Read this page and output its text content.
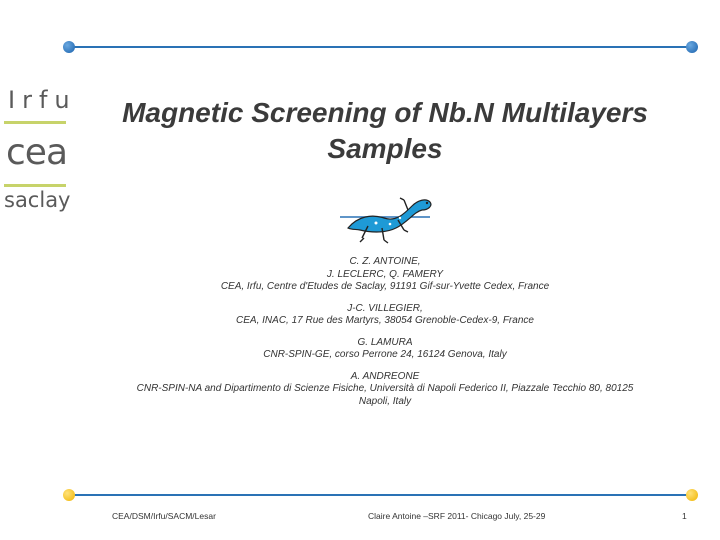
Irfu
cea
saclay
Magnetic Screening of Nb.N Multilayers
Samples

C. Z. ANTOINE,
J. LECLERC, Q. FAMERY
CEA, Irfu, Centre d'Etudes de Saclay, 91191 Gif-sur-Yvette Cedex, France

J-C. VILLEGIER,
CEA, INAC, 17 Rue des Martyrs, 38054 Grenoble-Cedex-9, France

G. LAMURA
CNR-SPIN-GE, corso Perrone 24, 16124 Genova, Italy

A. ANDREONE
CNR-SPIN-NA and Dipartimento di Scienze Fisiche, Università di Napoli Federico II, Piazzale Tecchio 80, 80125
Napoli, Italy

CEA/DSM/Irfu/SACM/Lesar	Claire Antoine –SRF 2011- Chicago July, 25-29	1
